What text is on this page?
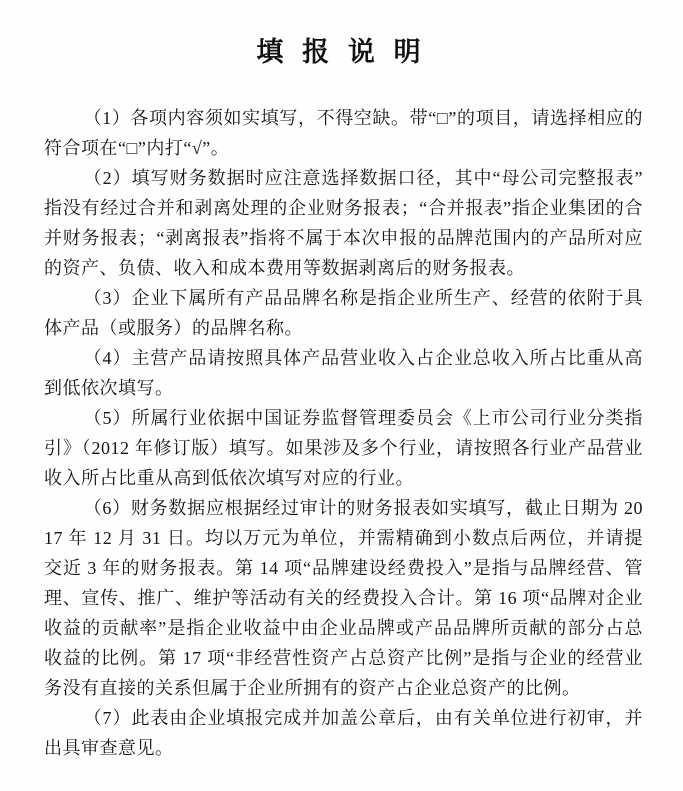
填 报 说 明

（1）各项内容须如实填写，不得空缺。带“□”的项目，请选择相应的符合项在“□”内打“√”。

（2）填写财务数据时应注意选择数据口径，其中“母公司完整报表”指没有经过合并和剥离处理的企业财务报表；“合并报表”指企业集团的合并财务报表；“剥离报表”指将不属于本次申报的品牌范围内的产品所对应的资产、负债、收入和成本费用等数据剥离后的财务报表。

（3）企业下属所有产品品牌名称是指企业所生产、经营的依附于具体产品（或服务）的品牌名称。

（4）主营产品请按照具体产品营业收入占企业总收入所占比重从高到低依次填写。

（5）所属行业依据中国证券监督管理委员会《上市公司行业分类指引》（2012 年修订版）填写。如果涉及多个行业，请按照各行业产品营业收入所占比重从高到低依次填写对应的行业。

（6）财务数据应根据经过审计的财务报表如实填写，截止日期为 2017 年 12 月 31 日。均以万元为单位，并需精确到小数点后两位，并请提交近 3 年的财务报表。第 14 项“品牌建设经费投入”是指与品牌经营、管理、宣传、推广、维护等活动有关的经费投入合计。第 16 项“品牌对企业收益的贡献率”是指企业收益中由企业品牌或产品品牌所贡献的部分占总收益的比例。第 17 项“非经营性资产占总资产比例”是指与企业的经营业务没有直接的关系但属于企业所拥有的资产占企业总资产的比例。

（7）此表由企业填报完成并加盖公章后，由有关单位进行初审，并出具审查意见。
